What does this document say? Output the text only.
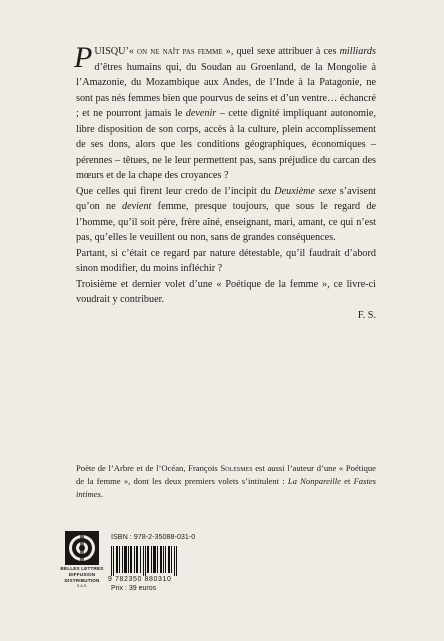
PUISQU’« on ne naît pas femme », quel sexe attribuer à ces milliards d’êtres humains qui, du Soudan au Groenland, de la Mongolie à l’Amazonie, du Mozambique aux Andes, de l’Inde à la Patagonie, ne sont pas nés femmes bien que pourvus de seins et d’un ventre… échancré ; et ne pourront jamais le devenir – cette dignité impliquant autonomie, libre disposition de son corps, accès à la culture, plein accomplissement de ses dons, alors que les conditions géographiques, économiques – pérennes – têtues, ne le leur permettent pas, sans préjudice du carcan des mœurs et de la chape des croyances ?

Que celles qui firent leur credo de l’incipit du Deuxième sexe s’avisent qu’on ne devient femme, presque toujours, que sous le regard de l’homme, qu’il soit père, frère aîné, enseignant, mari, amant, ce qui n’est pas, qu’elles le veuillent ou non, sans de grandes conséquences.

Partant, si c’était ce regard par nature détestable, qu’il faudrait d’abord sinon modifier, du moins infléchir ?

Troisième et dernier volet d’une « Poétique de la femme », ce livre-ci voudrait y contribuer.

F. S.

Poète de l’Arbre et de l’Océan, François Solesmes est aussi l’auteur d’une « Poétique de la femme », dont les deux premiers volets s’intitulent : La Nonpareille et Fastes intimes.

BELLES LETTRES
DIFFUSION
DISTRIBUTION
S.A.S.
ISBN : 978-2-35088-031-0
9 782350 880310
Prix : 39 euros
